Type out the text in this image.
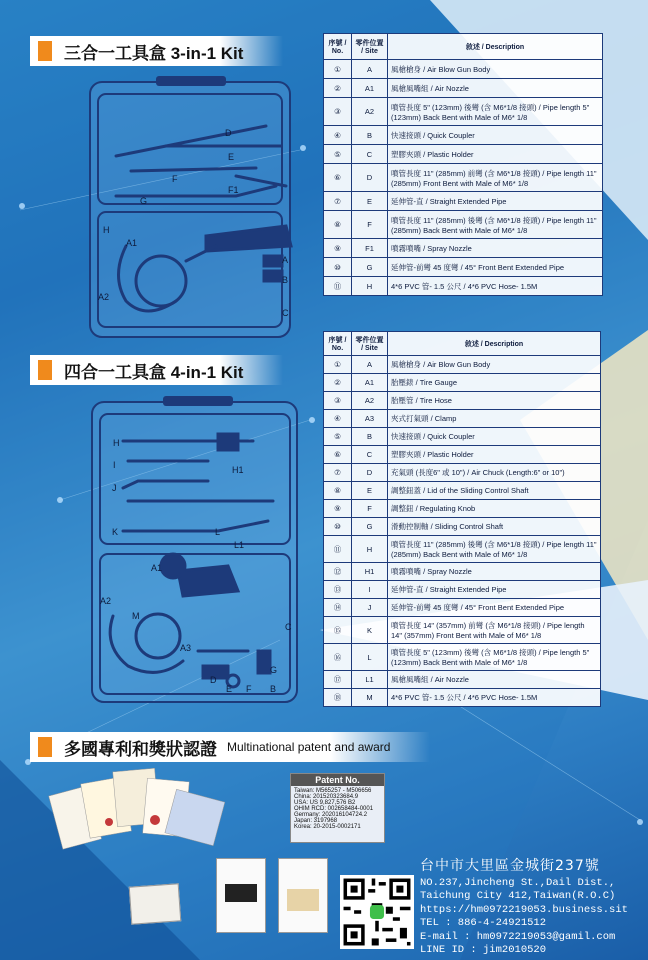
三合一工具盒 3-in-1 Kit
D
E
F
F1
G
H
A1
A2
A
B
C
序號 / No.	零件位置 / Site	敘述 / Description
①	A	風槍槍身 / Air Blow Gun Body
②	A1	風槍風嘴組 / Air Nozzle
③	A2	噴管長度 5" (123mm) 後彎 (含 M6*1/8 接頭) / Pipe length 5" (123mm) Back Bent with Male of M6* 1/8
④	B	快速接頭 / Quick Coupler
⑤	C	塑膠夾頭 / Plastic Holder
⑥	D	噴管長度 11" (285mm) 前彎 (含 M6*1/8 接頭) / Pipe length 11" (285mm) Front Bent with Male of M6* 1/8
⑦	E	延伸管-直 / Straight Extended Pipe
⑧	F	噴管長度 11" (285mm) 後彎 (含 M6*1/8 接頭) / Pipe length 11" (285mm) Back Bent with Male of M6* 1/8
⑨	F1	噴霧噴嘴 / Spray Nozzle
⑩	G	延伸管-前彎 45 度彎 / 45° Front Bent Extended Pipe
⑪	H	4*6 PVC 管- 1.5 公尺 / 4*6 PVC Hose- 1.5M
四合一工具盒 4-in-1 Kit
H
H1
I
J
K	L
L1
A1
A2
M
A3
C
D
E F
G
B
序號 / No.	零件位置 / Site	敘述 / Description
①	A	風槍槍身 / Air Blow Gun Body
②	A1	胎壓錶 / Tire Gauge
③	A2	胎壓管 / Tire Hose
④	A3	夾式打氣頭 / Clamp
⑤	B	快速接頭 / Quick Coupler
⑥	C	塑膠夾頭 / Plastic Holder
⑦	D	充氣頭 (長度6" 或 10") / Air Chuck (Length:6" or 10")
⑧	E	調整鈕蓋 / Lid of the Sliding Control Shaft
⑨	F	調整鈕 / Regulating Knob
⑩	G	滑動控制軸 / Sliding Control Shaft
⑪	H	噴管長度 11" (285mm) 後彎 (含 M6*1/8 接頭) / Pipe length 11" (285mm) Back Bent with Male of M6* 1/8
⑫	H1	噴霧噴嘴 / Spray Nozzle
⑬	I	延伸管-直 / Straight Extended Pipe
⑭	J	延伸管-前彎 45 度彎 / 45° Front Bent Extended Pipe
⑮	K	噴管長度 14" (357mm) 前彎 (含 M6*1/8 接頭) / Pipe length 14" (357mm) Front Bent with Male of M6* 1/8
⑯	L	噴管長度 5" (123mm) 後彎 (含 M6*1/8 接頭) / Pipe length 5" (123mm) Back Bent with Male of M6* 1/8
⑰	L1	風槍風嘴組 / Air Nozzle
⑱	M	4*6 PVC 管- 1.5 公尺 / 4*6 PVC Hose- 1.5M
多國專利和獎狀認證 Multinational patent and award
Patent No.
Taiwan: M565257 - M506656
China: 201520323684.9
USA: US 9,827,576 B2
OHIM RCD: 002658484-0001
Germany: 202016104724.2
Japan: 3197968
Korea: 20-2015-0002171
台中市大里區金城街237號
NO.237,Jincheng St.,Dail Dist.,
Taichung City 412,Taiwan(R.O.C)
https://hm0972219053.business.sit
TEL : 886-4-24921512
E-mail : hm0972219053@gamil.com
LINE ID : jim2010520
